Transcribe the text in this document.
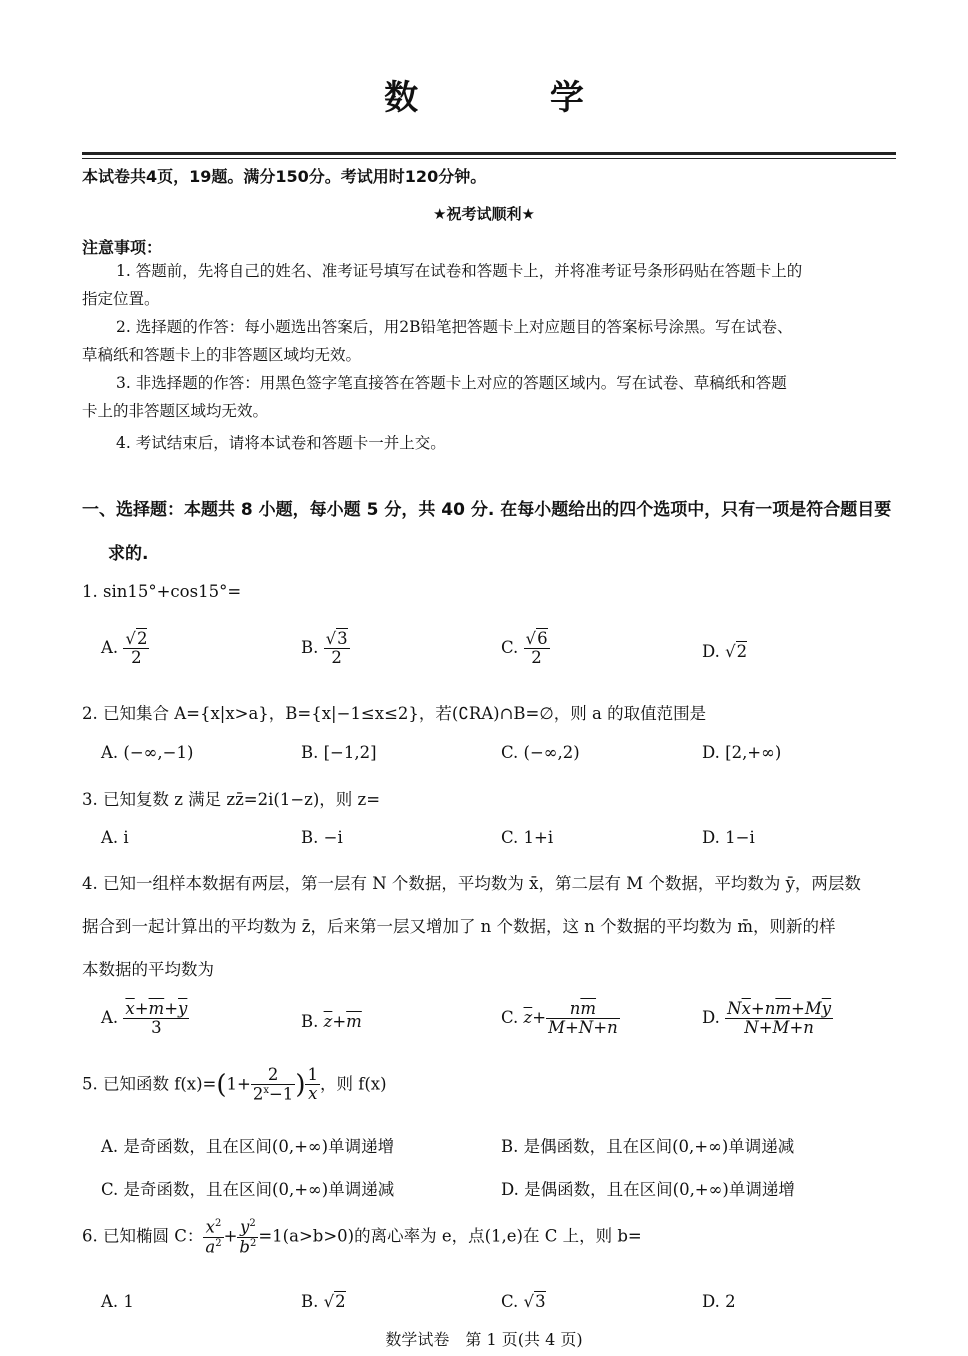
数 学
本试卷共4页，19题。满分150分。考试用时120分钟。
★祝考试顺利★
注意事项：
1. 答题前，先将自己的姓名、准考证号填写在试卷和答题卡上，并将准考证号条形码贴在答题卡上的
指定位置。
2. 选择题的作答：每小题选出答案后，用2B铅笔把答题卡上对应题目的答案标号涂黑。写在试卷、
草稿纸和答题卡上的非答题区域均无效。
3. 非选择题的作答：用黑色签字笔直接答在答题卡上对应的答题区域内。写在试卷、草稿纸和答题
卡上的非答题区域均无效。
4. 考试结束后，请将本试卷和答题卡一并上交。
一、选择题：本题共 8 小题，每小题 5 分，共 40 分. 在每小题给出的四个选项中，只有一项是符合题目要
求的.
1. sin15°+cos15°=
A. $\frac{√2}{2}$	B. $\frac{√3}{2}$	C. $\frac{√6}{2}$	D. √2
2. 已知集合 A={x|x>a}，B={x|−1≤x≤2}，若(∁RA)∩B=∅，则 a 的取值范围是
A. (−∞,−1)	B. [−1,2]	C. (−∞,2)	D. [2,+∞)
3. 已知复数 z 满足 zz̄=2i(1−z)，则 z=
A. i	B. −i	C. 1+i	D. 1−i
4. 已知一组样本数据有两层，第一层有 N 个数据，平均数为 x̄，第二层有 M 个数据，平均数为 ȳ，两层数
据合到一起计算出的平均数为 z̄，后来第一层又增加了 n 个数据，这 n 个数据的平均数为 m̄，则新的样
本数据的平均数为
A. $\frac{\overline{x}+\overline{m}+\overline{y}}{3}$	B. $\overline{z}+\overline{m}$	C. $\overline{z}+ \frac{n\overline{m}}{M+N+n}$	D. $\frac{N\overline{x}+n\overline{m}+M\overline{y}}{N+M+n}$
5. 已知函数 $f(x)=(1+ \frac{2}{2^x-1}$ ) $\frac{1}{x}$ ，则 f(x)
A. 是奇函数，且在区间(0,+∞)单调递增	B. 是偶函数，且在区间(0,+∞)单调递减
C. 是奇函数，且在区间(0,+∞)单调递减	D. 是偶函数，且在区间(0,+∞)单调递增
6. 已知椭圆 C： $\frac{x^2}{a^2} + \frac{y^2}{b^2} =1(a>b>0)$的离心率为 e，点(1,e)在 C 上，则 b=
A. 1	B. √2	C. √3	D. 2
数学试卷　第 1 页(共 4 页)
